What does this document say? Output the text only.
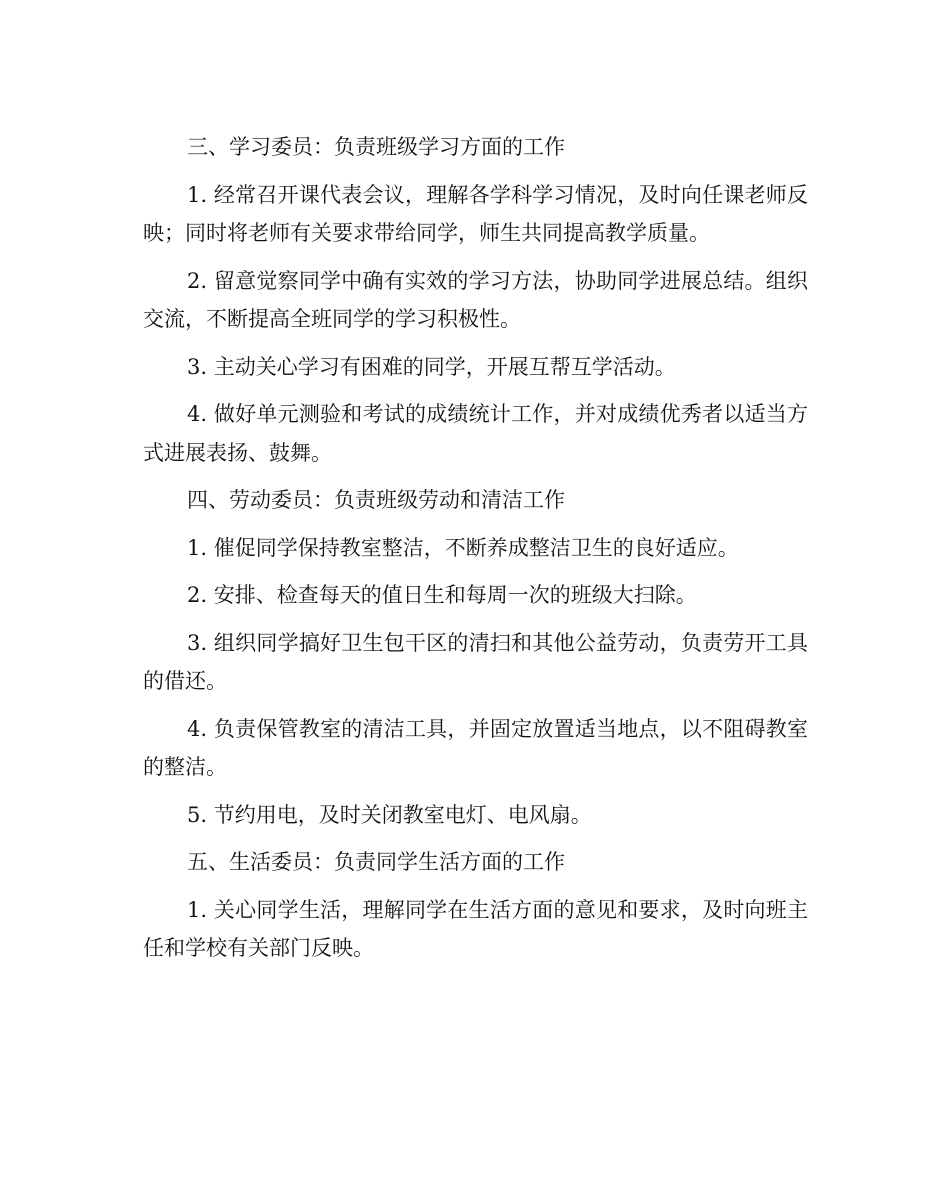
三、学习委员：负责班级学习方面的工作

1. 经常召开课代表会议，理解各学科学习情况，及时向任课老师反映；同时将老师有关要求带给同学，师生共同提高教学质量。

2. 留意觉察同学中确有实效的学习方法，协助同学进展总结。组织交流，不断提高全班同学的学习积极性。

3. 主动关心学习有困难的同学，开展互帮互学活动。

4. 做好单元测验和考试的成绩统计工作，并对成绩优秀者以适当方式进展表扬、鼓舞。

四、劳动委员：负责班级劳动和清洁工作

1. 催促同学保持教室整洁，不断养成整洁卫生的良好适应。

2. 安排、检查每天的值日生和每周一次的班级大扫除。

3. 组织同学搞好卫生包干区的清扫和其他公益劳动，负责劳开工具的借还。

4. 负责保管教室的清洁工具，并固定放置适当地点，以不阻碍教室的整洁。

5. 节约用电，及时关闭教室电灯、电风扇。

五、生活委员：负责同学生活方面的工作

1. 关心同学生活，理解同学在生活方面的意见和要求，及时向班主任和学校有关部门反映。
